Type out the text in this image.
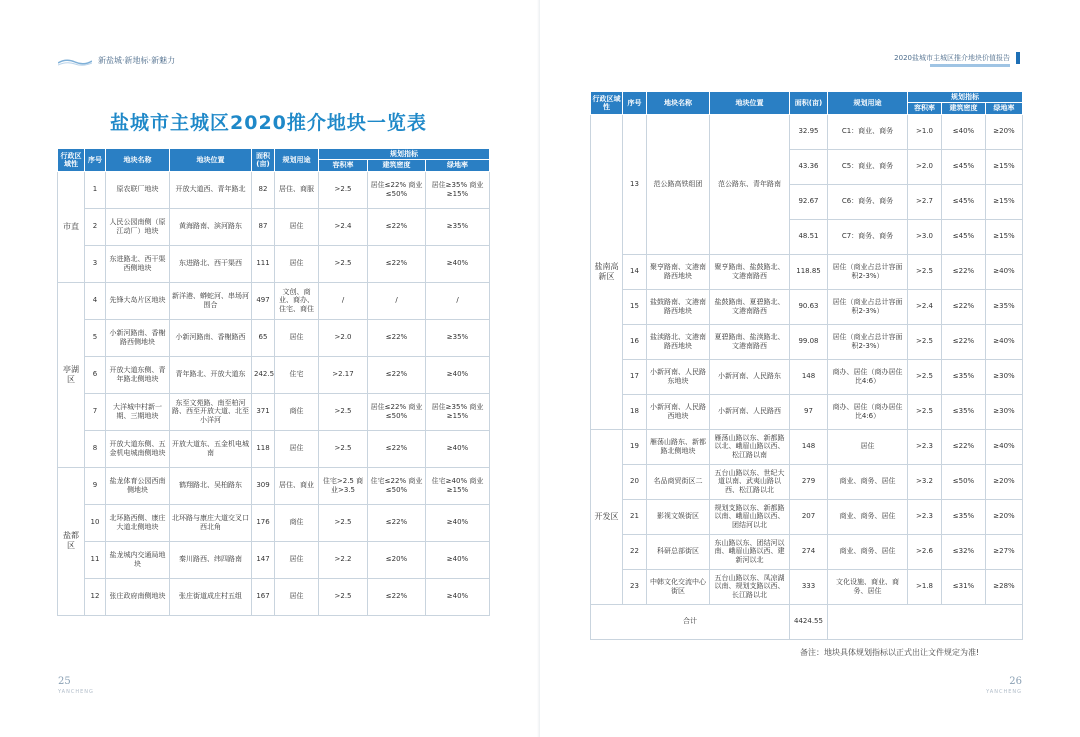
新盐城·新地标·新魅力
盐城市主城区2020推介地块一览表
行政区域性	序号	地块名称	地块位置	面积(亩)	规划用途	规划指标		
						容积率	建筑密度	绿地率
市直	1	原农联厂地块	开放大道西、青年路北	82	居住、商服	>2.5	居住≤22% 商业≤50%	居住≥35% 商业≥15%
	2	人民公园南侧（原江动厂）地块	黄海路南、滨河路东	87	居住	>2.4	≤22%	≥35%
	3	东进路北、西干渠西侧地块	东进路北、西干渠西	111	居住	>2.5	≤22%	≥40%
亭湖区	4	先锋大岛片区地块	新洋港、蟒蛇河、串场河围合	497	文创、商业、商办、住宅、商住	/	/	/
	5	小新河路南、香榭路西侧地块	小新河路南、香榭路西	65	居住	>2.0	≤22%	≥35%
	6	开放大道东侧、青年路北侧地块	青年路北、开放大道东	242.5	住宅	>2.17	≤22%	≥40%
	7	大洋城中村新一期、三期地块	东至文苑路、南至柏河路、西至开放大道、北至小洋河	371	商住	>2.5	居住≤22% 商业≤50%	居住≥35% 商业≥15%
	8	开放大道东侧、五金机电城南侧地块	开放大道东、五金机电城南	118	居住	>2.5	≤22%	≥40%
盐都区	9	盐龙体育公园西南侧地块	鹤翔路北、吴桕路东	309	居住、商业	住宅>2.5 商业>3.5	住宅≤22% 商业≤50%	住宅≥40% 商业≥15%
	10	北环路西侧、康庄大道北侧地块	北环路与康庄大道交叉口西北角	176	商住	>2.5	≤22%	≥40%
	11	盐龙城内交通局地块	秦川路西、纬四路南	147	居住	>2.2	≤20%	≥40%
	12	张庄政府南侧地块	张庄街道成庄村五组	167	居住	>2.5	≤22%	≥40%
25
YANCHENG
2020盐城市主城区推介地块价值报告
行政区域性	序号	地块名称	地块位置	面积(亩)	规划用途	规划指标		
						容积率	建筑密度	绿地率
盐南高新区	13	范公路高铁组团	范公路东、青年路南	32.95	C1：商业、商务	>1.0	≤40%	≥20%
				43.36	C5：商业、商务	>2.0	≤45%	≥15%
				92.67	C6：商务、商务	>2.7	≤45%	≥15%
				48.51	C7：商务、商务	>3.0	≤45%	≥15%
	14	聚亨路南、文港南路西地块	聚亨路南、盐鼓路北、文港南路西	118.85	居住（商业占总计容面积2-3%）	>2.5	≤22%	≥40%
	15	盐鼓路南、文港南路西地块	盐鼓路南、夏碧路北、文港南路西	90.63	居住（商业占总计容面积2-3%）	>2.4	≤22%	≥35%
	16	盐渎路北、文港南路西地块	夏碧路南、盐渎路北、文港南路西	99.08	居住（商业占总计容面积2-3%）	>2.5	≤22%	≥40%
	17	小新河南、人民路东地块	小新河南、人民路东	148	商办、居住（商办居住比4:6）	>2.5	≤35%	≥30%
	18	小新河南、人民路西地块	小新河南、人民路西	97	商办、居住（商办居住比4:6）	>2.5	≤35%	≥30%
开发区	19	雁荡山路东、新都路北侧地块	雁荡山路以东、新都路以北、峨眉山路以西、松江路以南	148	居住	>2.3	≤22%	≥40%
	20	名品商贸街区二	五台山路以东、世纪大道以南、武夷山路以西、松江路以北	279	商业、商务、居住	>3.2	≤50%	≥20%
	21	影视文娱街区	规划支路以东、新都路以南、峨眉山路以西、团结河以北	207	商业、商务、居住	>2.3	≤35%	≥20%
	22	科研总部街区	东山路以东、团结河以南、峨眉山路以西、建新河以北	274	商业、商务、居住	>2.6	≤32%	≥27%
	23	中韩文化交流中心街区	五台山路以东、凤凉湖以南、规划支路以西、长江路以北	333	文化设施、商业、商务、居住	>1.8	≤31%	≥28%
合计				4424.55				
备注：地块具体规划指标以正式出让文件规定为准!
26
YANCHENG
